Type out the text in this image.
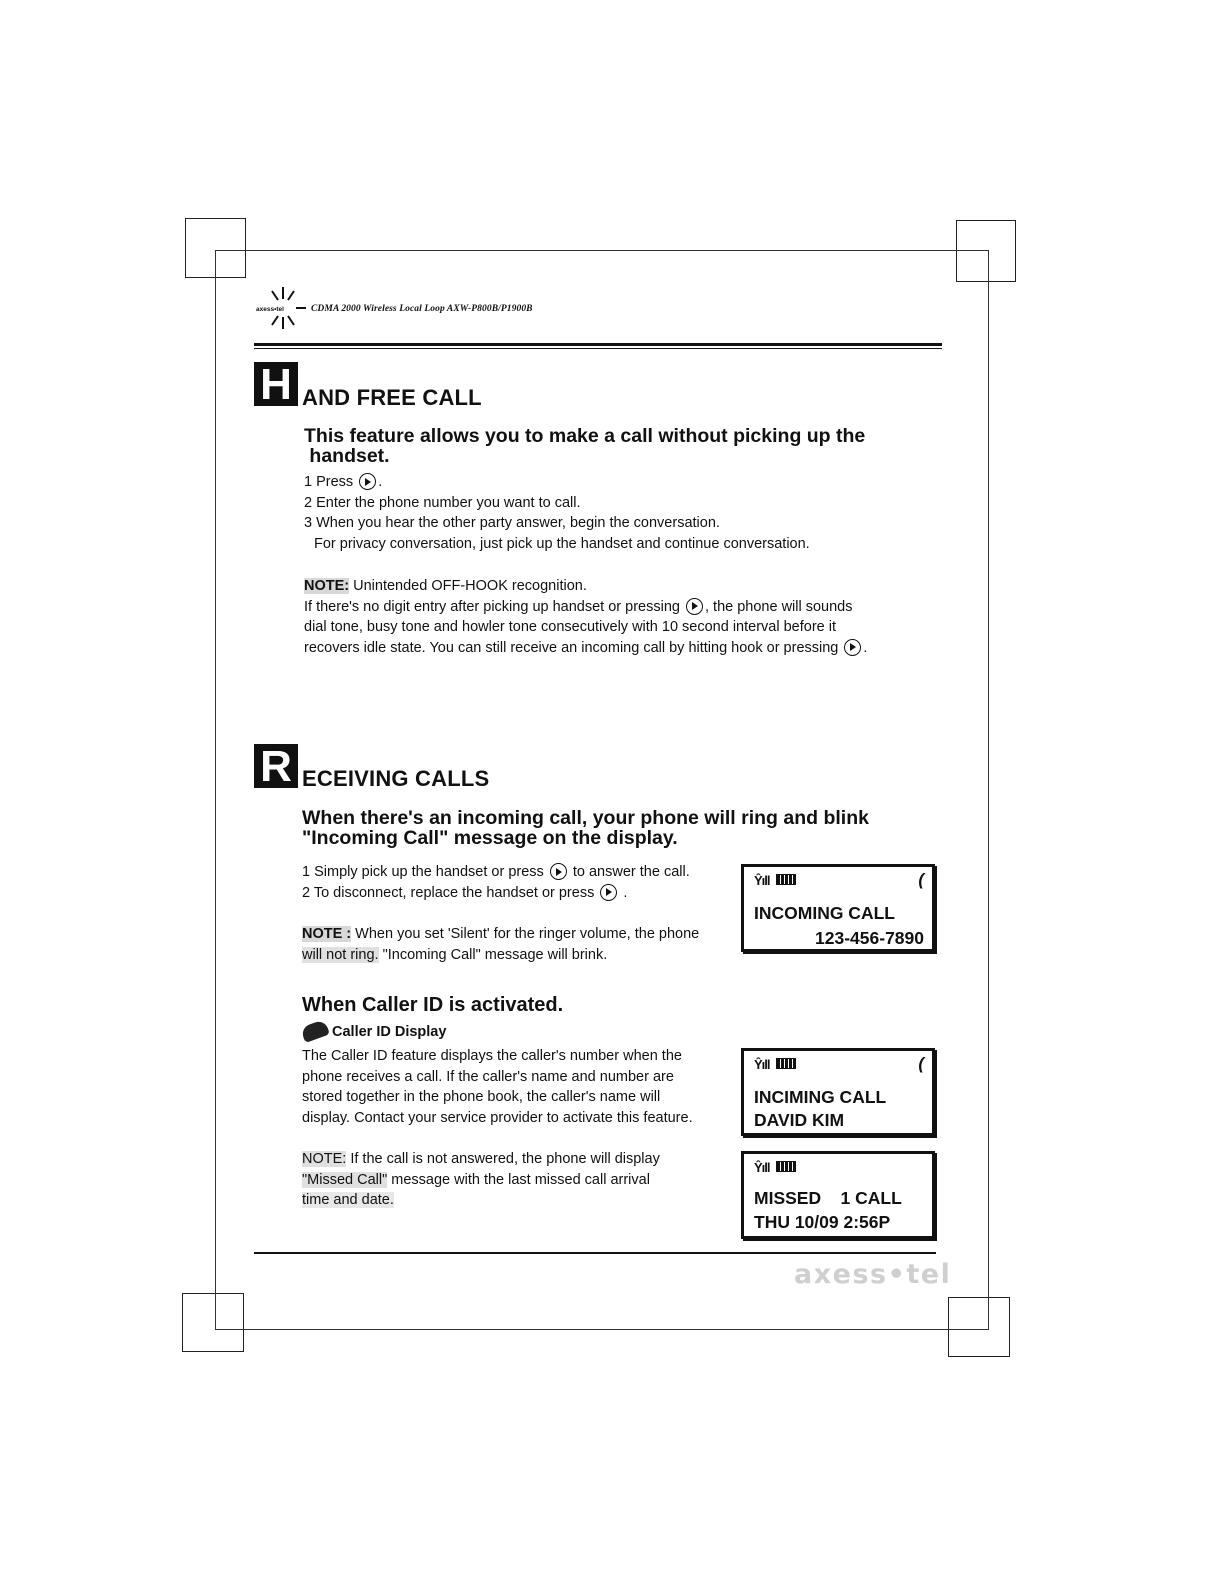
axess•tel	CDMA 2000 Wireless Local Loop AXW-P800B/P1900B
H AND FREE CALL
This feature allows you to make a call without picking up the
handset.
1 Press .
2 Enter the phone number you want to call.
3 When you hear the other party answer, begin the conversation.
For privacy conversation, just pick up the handset and continue conversation.
NOTE: Unintended OFF-HOOK recognition.
If there's no digit entry after picking up handset or pressing , the phone will sounds
dial tone, busy tone and howler tone consecutively with 10 second interval before it
recovers idle state. You can still receive an incoming call by hitting hook or pressing .
R ECEIVING CALLS
When there's an incoming call, your phone will ring and blink
"Incoming Call" message on the display.
1 Simply pick up the handset or press to answer the call.
2 To disconnect, replace the handset or press .
NOTE : When you set 'Silent' for the ringer volume, the phone
will not ring. "Incoming Call" message will brink.
When Caller ID is activated.
Caller ID Display
The Caller ID feature displays the caller's number when the
phone receives a call. If the caller's name and number are
stored together in the phone book, the caller's name will
display. Contact your service provider to activate this feature.
NOTE: If the call is not answered, the phone will display
"Missed Call" message with the last missed call arrival
time and date.
Ŷıll	(
INCOMING CALL
123-456-7890
Ŷıll	(
INCIMING CALL
DAVID KIM
Ŷıll
MISSED    1 CALL
THU 10/09 2:56P
axess•tel
